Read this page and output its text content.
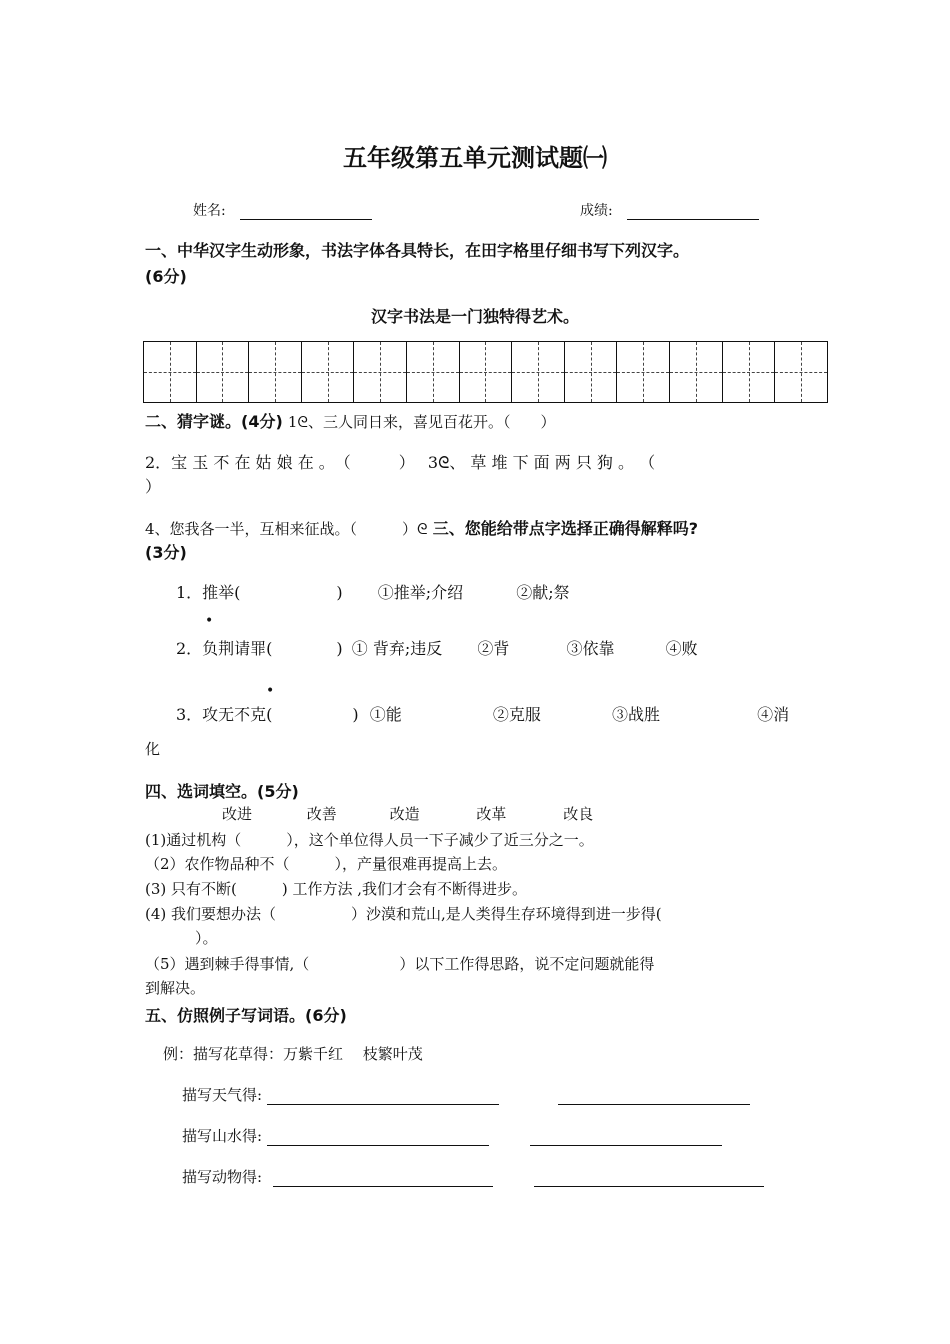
五年级第五单元测试题㈠
姓名:	成绩:
一、中华汉字生动形象，书法字体各具特长，在田字格里仔细书写下列汉字。
(6分)
汉字书法是一门独特得艺术。
二、猜字谜。(4分) 1ᘓ、三人同日来，喜见百花开。（　　）
2．宝 玉 不 在 姑 娘 在 。　（　　　） 3ᘓ、 草 堆 下 面 两 只 狗 。 （
）
4、您我各一半，互相来征战。（　　　）ᘓ 三、您能给带点字选择正确得解释吗?
(3分)
1．推举(　　　　　　) ①推举;介绍	②献;祭
•
2．负荆请罪(　　　　) ① 背弃;违反 ②背	③依靠	④败
•
3．攻无不克(　　　　　) ①能	②克服	③战胜	④消
化
四、选词填空。(5分)
改进	改善	改造	改革	改良
(1)通过机构（　　　），这个单位得人员一下子减少了近三分之一。
（2）农作物品种不（　　　），产量很难再提高上去。
(3) 只有不断(　　　) 工作方法 ,我们才会有不断得进步。
(4) 我们要想办法（　　　　　）沙漠和荒山,是人类得生存环境得到进一步得(
　）。
（5）遇到棘手得事情,（　　　　　　）以下工作得思路，说不定问题就能得
到解决。
五、仿照例子写词语。(6分)
例：描写花草得：万紫千红　 枝繁叶茂
描写天气得:
描写山水得:
描写动物得:
